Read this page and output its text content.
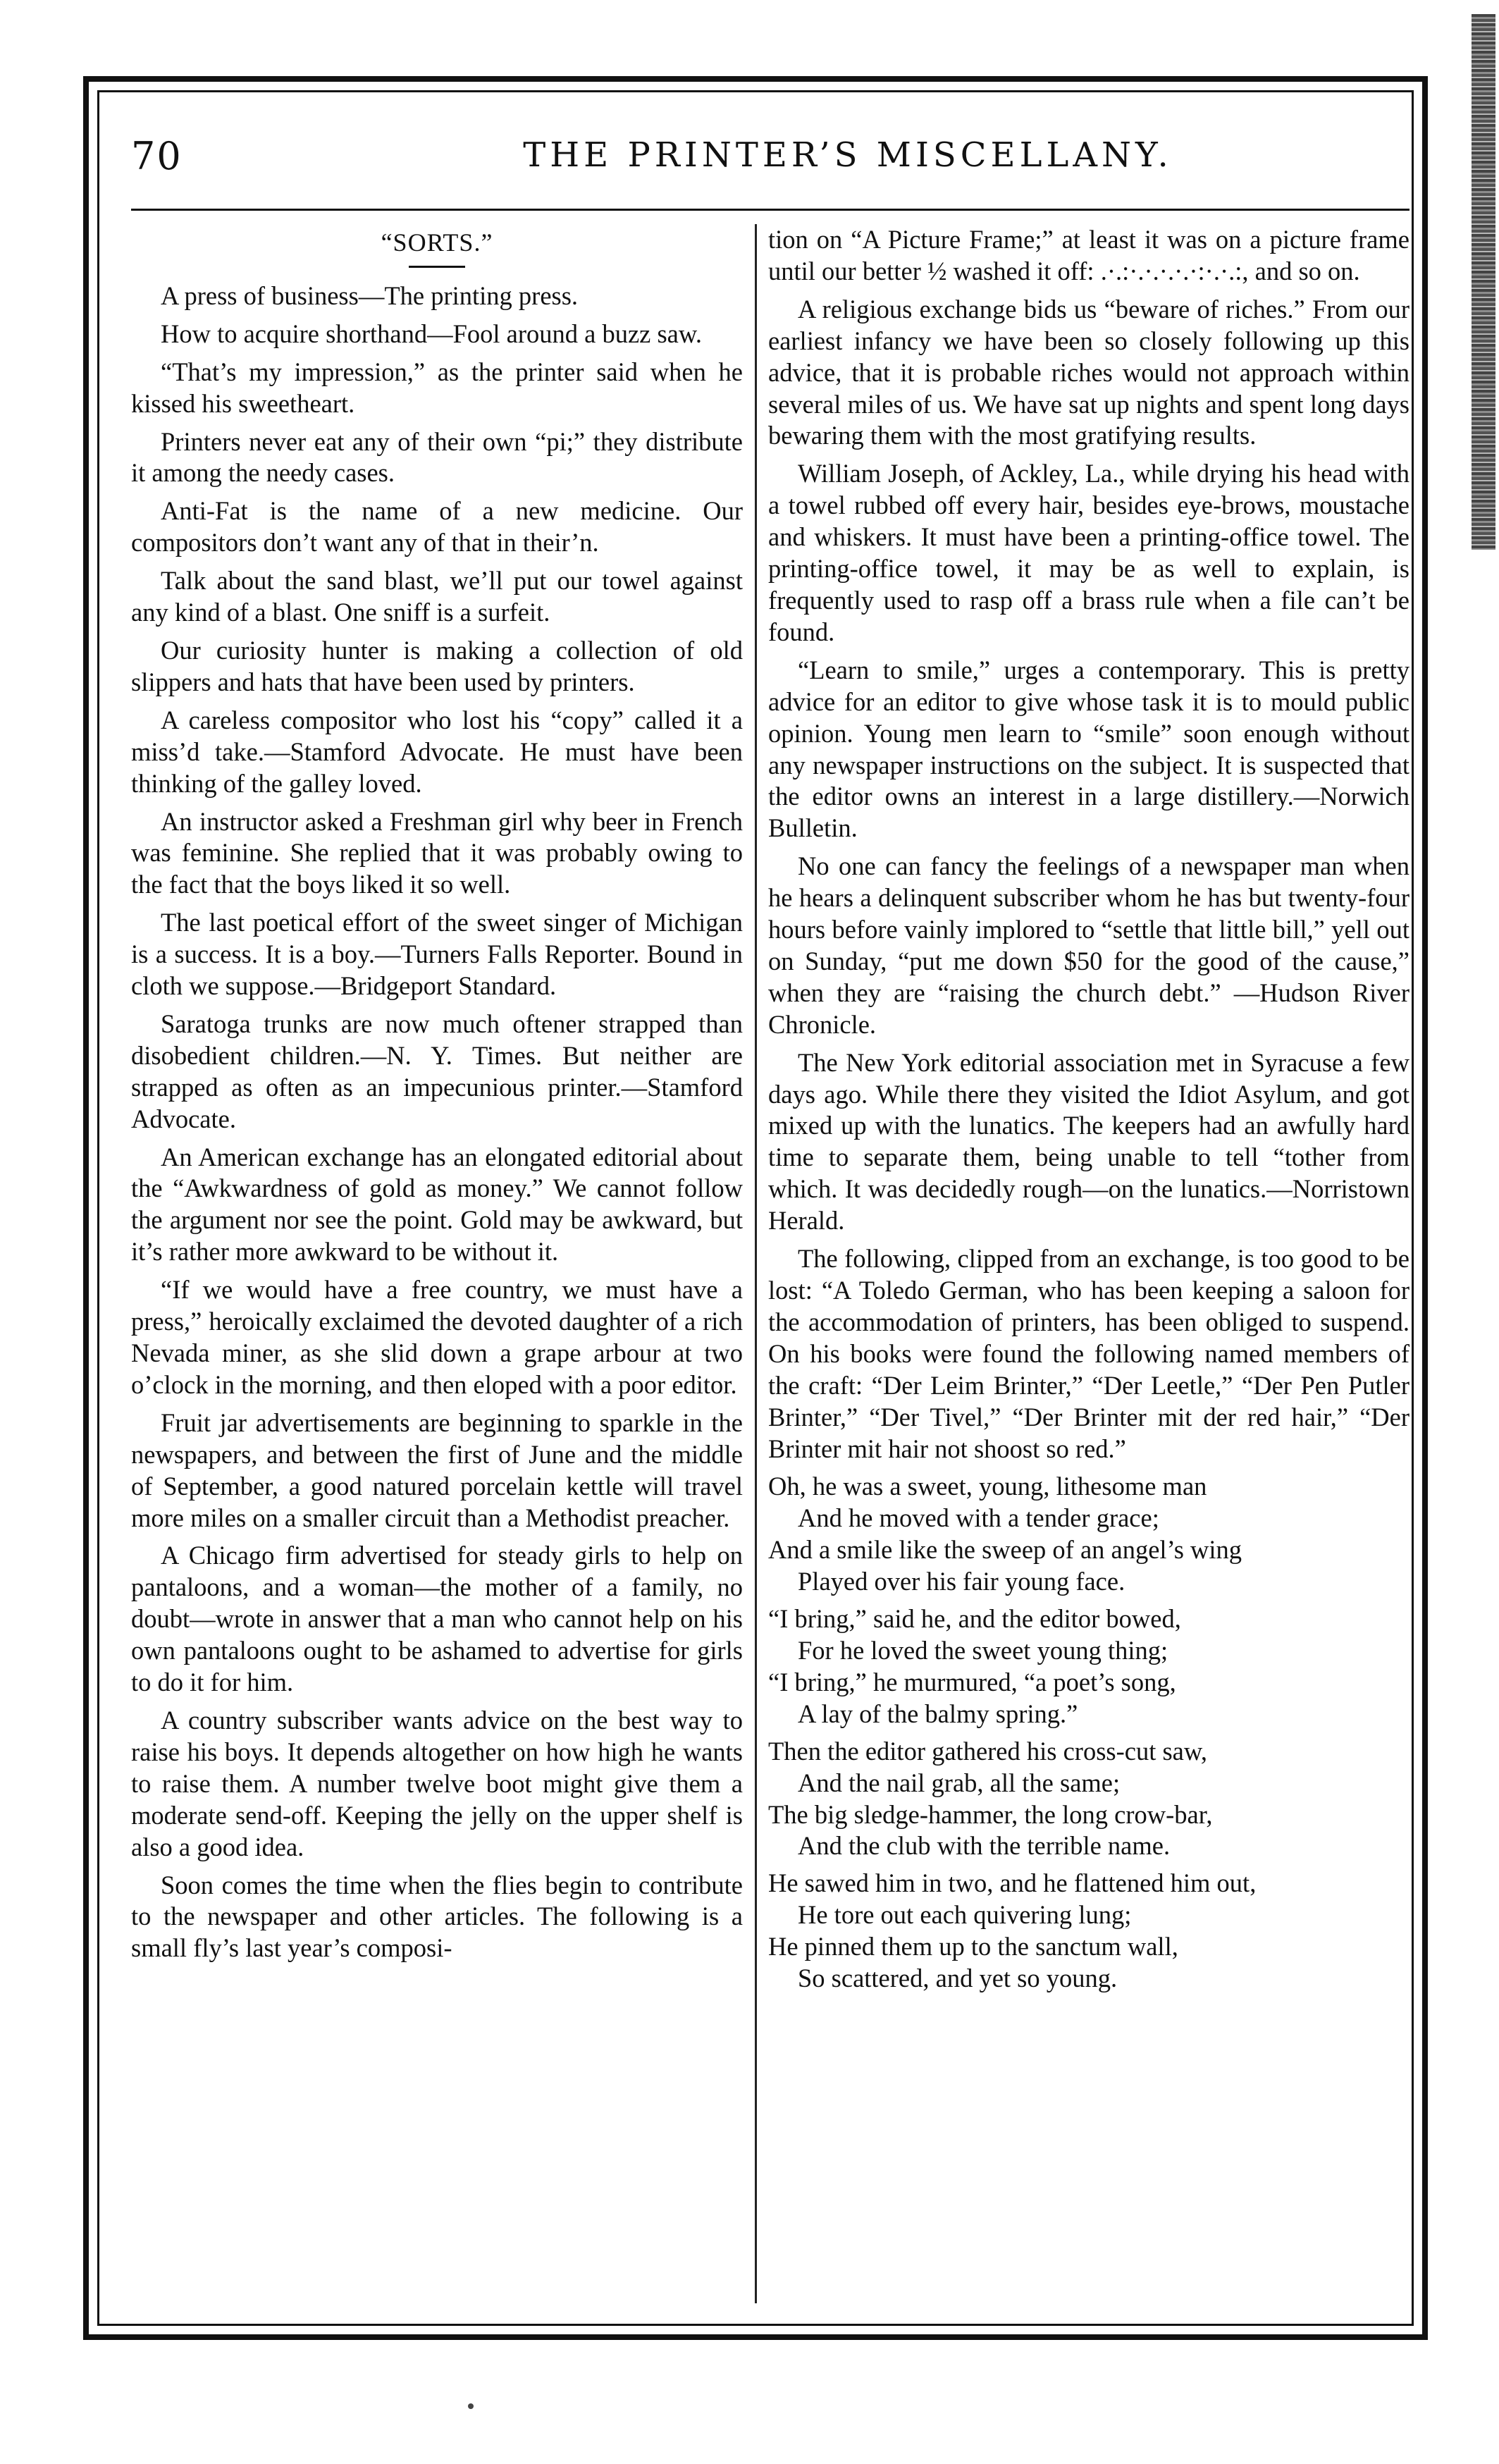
70	THE PRINTER’S MISCELLANY.
“SORTS.”

A press of business—The printing press.

How to acquire shorthand—Fool around a buzz saw.

“That’s my impression,” as the printer said when he kissed his sweetheart.

Printers never eat any of their own “pi;” they distribute it among the needy cases.

Anti-Fat is the name of a new medicine. Our compositors don’t want any of that in their’n.

Talk about the sand blast, we’ll put our towel against any kind of a blast. One sniff is a surfeit.

Our curiosity hunter is making a collection of old slippers and hats that have been used by printers.

A careless compositor who lost his “copy” called it a miss’d take.—Stamford Advocate. He must have been thinking of the galley loved.

An instructor asked a Freshman girl why beer in French was feminine. She replied that it was probably owing to the fact that the boys liked it so well.

The last poetical effort of the sweet singer of Michigan is a success. It is a boy.—Turners Falls Reporter. Bound in cloth we suppose.—Bridgeport Standard.

Saratoga trunks are now much oftener strapped than disobedient children.—N. Y. Times. But neither are strapped as often as an impecunious printer.—Stamford Advocate.

An American exchange has an elongated editorial about the “Awkwardness of gold as money.” We cannot follow the argument nor see the point. Gold may be awkward, but it’s rather more awkward to be without it.

“If we would have a free country, we must have a press,” heroically exclaimed the devoted daughter of a rich Nevada miner, as she slid down a grape arbour at two o’clock in the morning, and then eloped with a poor editor.

Fruit jar advertisements are beginning to sparkle in the newspapers, and between the first of June and the middle of September, a good natured porcelain kettle will travel more miles on a smaller circuit than a Methodist preacher.

A Chicago firm advertised for steady girls to help on pantaloons, and a woman—the mother of a family, no doubt—wrote in answer that a man who cannot help on his own pantaloons ought to be ashamed to advertise for girls to do it for him.

A country subscriber wants advice on the best way to raise his boys. It depends altogether on how high he wants to raise them. A number twelve boot might give them a moderate send-off. Keeping the jelly on the upper shelf is also a good idea.

Soon comes the time when the flies begin to contribute to the newspaper and other articles. The following is a small fly’s last year’s composi-

tion on “A Picture Frame;” at least it was on a picture frame until our better ½ washed it off: .·.:·.·.·.·.·:·.·.:, and so on.

A religious exchange bids us “beware of riches.” From our earliest infancy we have been so closely following up this advice, that it is probable riches would not approach within several miles of us. We have sat up nights and spent long days bewaring them with the most gratifying results.

William Joseph, of Ackley, La., while drying his head with a towel rubbed off every hair, besides eye-brows, moustache and whiskers. It must have been a printing-office towel. The printing-office towel, it may be as well to explain, is frequently used to rasp off a brass rule when a file can’t be found.

“Learn to smile,” urges a contemporary. This is pretty advice for an editor to give whose task it is to mould public opinion. Young men learn to “smile” soon enough without any newspaper instructions on the subject. It is suspected that the editor owns an interest in a large distillery.—Norwich Bulletin.

No one can fancy the feelings of a newspaper man when he hears a delinquent subscriber whom he has but twenty-four hours before vainly implored to “settle that little bill,” yell out on Sunday, “put me down $50 for the good of the cause,” when they are “raising the church debt.” —Hudson River Chronicle.

The New York editorial association met in Syracuse a few days ago. While there they visited the Idiot Asylum, and got mixed up with the lunatics. The keepers had an awfully hard time to separate them, being unable to tell “tother from which. It was decidedly rough—on the lunatics.—Norristown Herald.

The following, clipped from an exchange, is too good to be lost: “A Toledo German, who has been keeping a saloon for the accommodation of printers, has been obliged to suspend. On his books were found the following named members of the craft: “Der Leim Brinter,” “Der Leetle,” “Der Pen Putler Brinter,” “Der Tivel,” “Der Brinter mit der red hair,” “Der Brinter mit hair not shoost so red.”

Oh, he was a sweet, young, lithesome man
And he moved with a tender grace;
And a smile like the sweep of an angel’s wing
Played over his fair young face.
“I bring,” said he, and the editor bowed,
For he loved the sweet young thing;
“I bring,” he murmured, “a poet’s song,
A lay of the balmy spring.”
Then the editor gathered his cross-cut saw,
And the nail grab, all the same;
The big sledge-hammer, the long crow-bar,
And the club with the terrible name.
He sawed him in two, and he flattened him out,
He tore out each quivering lung;
He pinned them up to the sanctum wall,
So scattered, and yet so young.
